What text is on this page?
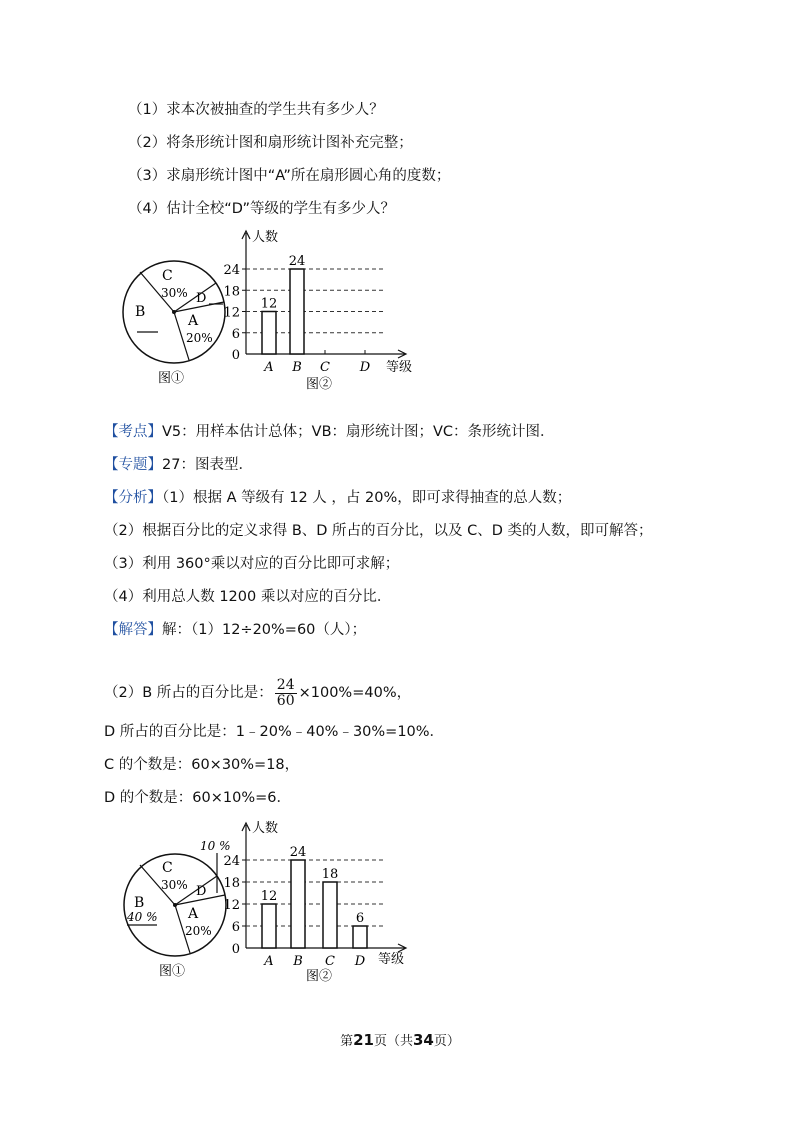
（1）求本次被抽查的学生共有多少人？
（2）将条形统计图和扇形统计图补充完整；
（3）求扇形统计图中“A”所在扇形圆心角的度数；
（4）估计全校“D”等级的学生有多少人？
C
30% D
B
A
20%
图①
人数
等级
图②
0
6
12
18
24
A
12
B
24
C D
【考点】V5：用样本估计总体；VB：扇形统计图；VC：条形统计图．
【专题】27：图表型．
【分析】（1）根据 A 等级有 12 人 ，占 20%，即可求得抽查的总人数；
（2）根据百分比的定义求得 B、D 所占的百分比，以及 C、D 类的人数，即可解答；
（3）利用 360°乘以对应的百分比即可求解；
（4）利用总人数 1200 乘以对应的百分比．
【解答】解：（1）12÷20%=60（人）；
（2）B 所占的百分比是： $\frac{24}{60} \times 100\%=40\%$，
D 所占的百分比是：1﹣20%﹣40%﹣30%=10%．
C 的个数是：60×30%=18，
D 的个数是：60×10%=6．
10 %
C
30% D
B
40 % A
20%
图①
人数
等级
图②
0
6
12
18
24
A
12
B
24
C
18
D
6
第21页（共34页）
